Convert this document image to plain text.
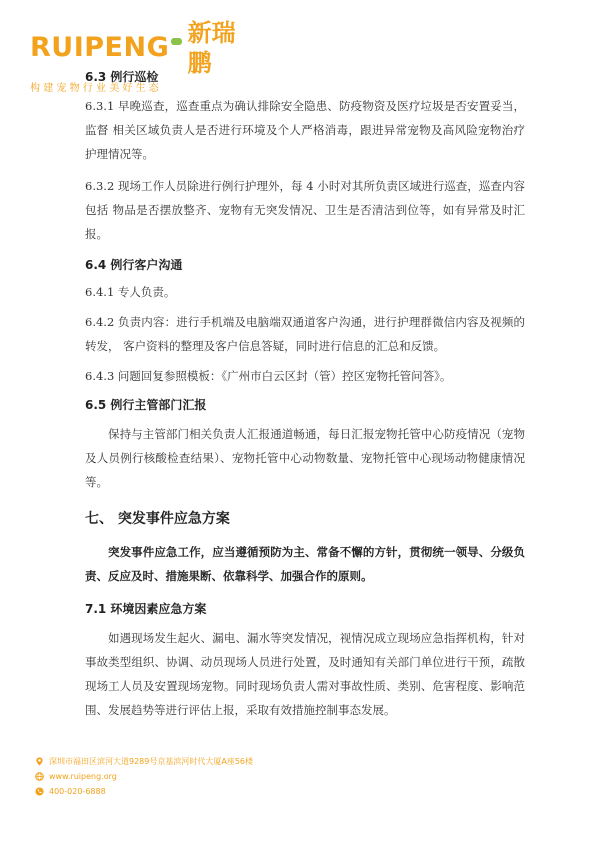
RUIPENG 新瑞鹏
构建宠物行业美好生态

6.3 例行巡检

6.3.1 早晚巡查，巡查重点为确认排除安全隐患、防疫物资及医疗垃圾是否安置妥当，监督 相关区域负责人是否进行环境及个人严格消毒，跟进异常宠物及高风险宠物治疗护理情况等。

6.3.2 现场工作人员除进行例行护理外，每 4 小时对其所负责区域进行巡查，巡查内容包括 物品是否摆放整齐、宠物有无突发情况、卫生是否清洁到位等，如有异常及时汇报。

6.4 例行客户沟通

6.4.1 专人负责。

6.4.2 负责内容：进行手机端及电脑端双通道客户沟通，进行护理群微信内容及视频的转发， 客户资料的整理及客户信息答疑，同时进行信息的汇总和反馈。

6.4.3 问题回复参照模板：《广州市白云区封（管）控区宠物托管问答》。

6.5 例行主管部门汇报

保持与主管部门相关负责人汇报通道畅通，每日汇报宠物托管中心防疫情况（宠物及人员例行核酸检查结果）、宠物托管中心动物数量、宠物托管中心现场动物健康情况等。

七、 突发事件应急方案

突发事件应急工作，应当遵循预防为主、常备不懈的方针，贯彻统一领导、分级负责、反应及时、措施果断、依靠科学、加强合作的原则。

7.1 环境因素应急方案

如遇现场发生起火、漏电、漏水等突发情况，视情况成立现场应急指挥机构，针对事故类型组织、协调、动员现场人员进行处置，及时通知有关部门单位进行干预，疏散现场工人员及安置现场宠物。同时现场负责人需对事故性质、类别、危害程度、影响范围、发展趋势等进行评估上报，采取有效措施控制事态发展。

深圳市福田区滨河大道9289号京基滨河时代大厦A座56楼
www.ruipeng.org
400-020-6888
